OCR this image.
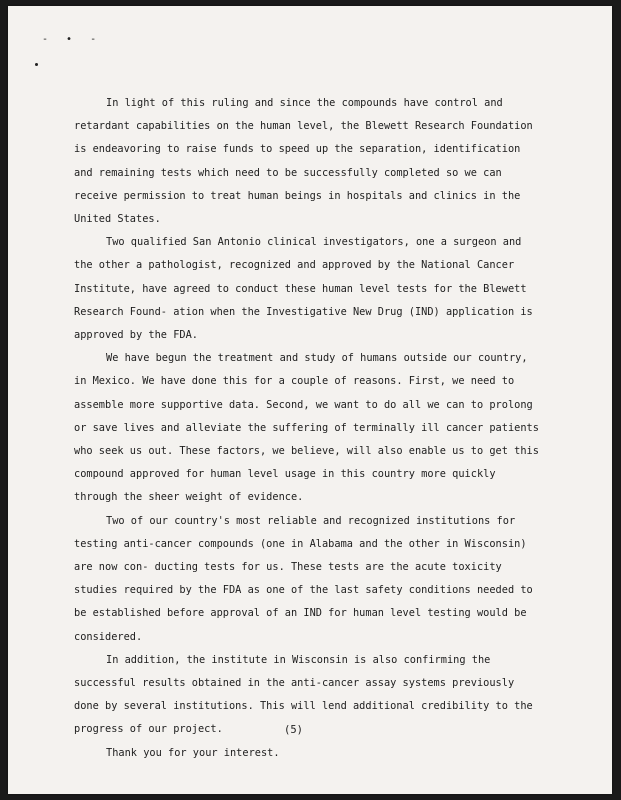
- • -

In light of this ruling and since the compounds have control and retardant capabilities on the human level, the Blewett Research Foundation is endeavoring to raise funds to speed up the separation, identification and remaining tests which need to be successfully completed so we can receive permission to treat human beings in hospitals and clinics in the United States.

Two qualified San Antonio clinical investigators, one a surgeon and the other a pathologist, recognized and approved by the National Cancer Institute, have agreed to conduct these human level tests for the Blewett Research Found- ation when the Investigative New Drug (IND) application is approved by the FDA.

We have begun the treatment and study of humans outside our country, in Mexico. We have done this for a couple of reasons. First, we need to assemble more supportive data. Second, we want to do all we can to prolong or save lives and alleviate the suffering of terminally ill cancer patients who seek us out. These factors, we believe, will also enable us to get this compound approved for human level usage in this country more quickly through the sheer weight of evidence.

Two of our country's most reliable and recognized institutions for testing anti-cancer compounds (one in Alabama and the other in Wisconsin) are now con- ducting tests for us. These tests are the acute toxicity studies required by the FDA as one of the last safety conditions needed to be established before approval of an IND for human level testing would be considered.

In addition, the institute in Wisconsin is also confirming the successful results obtained in the anti-cancer assay systems previously done by several institutions. This will lend additional credibility to the progress of our project.

Thank you for your interest.

(5)
